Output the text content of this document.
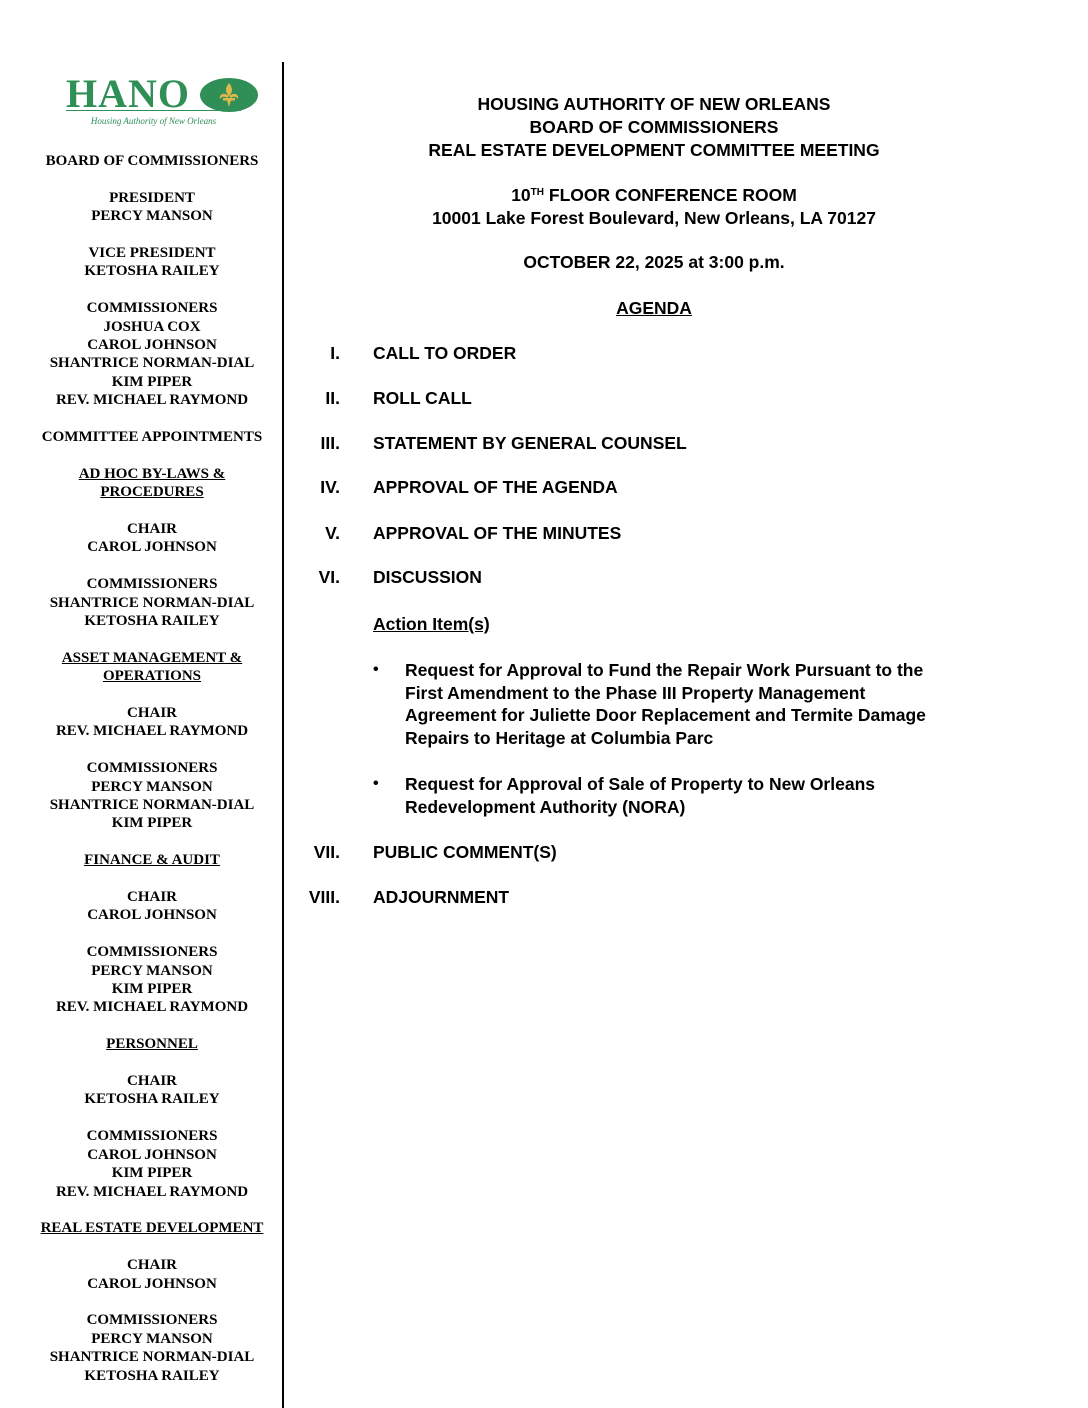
HANO
Housing Authority of New Orleans
BOARD OF COMMISSIONERS
PRESIDENT
PERCY MANSON
VICE PRESIDENT
KETOSHA RAILEY
COMMISSIONERS
JOSHUA COX
CAROL JOHNSON
SHANTRICE NORMAN-DIAL
KIM PIPER
REV. MICHAEL RAYMOND
COMMITTEE APPOINTMENTS
AD HOC BY-LAWS &
PROCEDURES
CHAIR
CAROL JOHNSON
COMMISSIONERS
SHANTRICE NORMAN-DIAL
KETOSHA RAILEY
ASSET MANAGEMENT &
OPERATIONS
CHAIR
REV. MICHAEL RAYMOND
COMMISSIONERS
PERCY MANSON
SHANTRICE NORMAN-DIAL
KIM PIPER
FINANCE & AUDIT
CHAIR
CAROL JOHNSON
COMMISSIONERS
PERCY MANSON
KIM PIPER
REV. MICHAEL RAYMOND
PERSONNEL
CHAIR
KETOSHA RAILEY
COMMISSIONERS
CAROL JOHNSON
KIM PIPER
REV. MICHAEL RAYMOND
REAL ESTATE DEVELOPMENT
CHAIR
CAROL JOHNSON
COMMISSIONERS
PERCY MANSON
SHANTRICE NORMAN-DIAL
KETOSHA RAILEY
HOUSING AUTHORITY OF NEW ORLEANS
BOARD OF COMMISSIONERS
REAL ESTATE DEVELOPMENT COMMITTEE MEETING
10TH FLOOR CONFERENCE ROOM
10001 Lake Forest Boulevard, New Orleans, LA 70127
OCTOBER 22, 2025 at 3:00 p.m.
AGENDA
I. CALL TO ORDER
II. ROLL CALL
III. STATEMENT BY GENERAL COUNSEL
IV. APPROVAL OF THE AGENDA
V. APPROVAL OF THE MINUTES
VI. DISCUSSION
Action Item(s)
• Request for Approval to Fund the Repair Work Pursuant to the
First Amendment to the Phase III Property Management
Agreement for Juliette Door Replacement and Termite Damage
Repairs to Heritage at Columbia Parc
• Request for Approval of Sale of Property to New Orleans
Redevelopment Authority (NORA)
VII. PUBLIC COMMENT(S)
VIII. ADJOURNMENT
